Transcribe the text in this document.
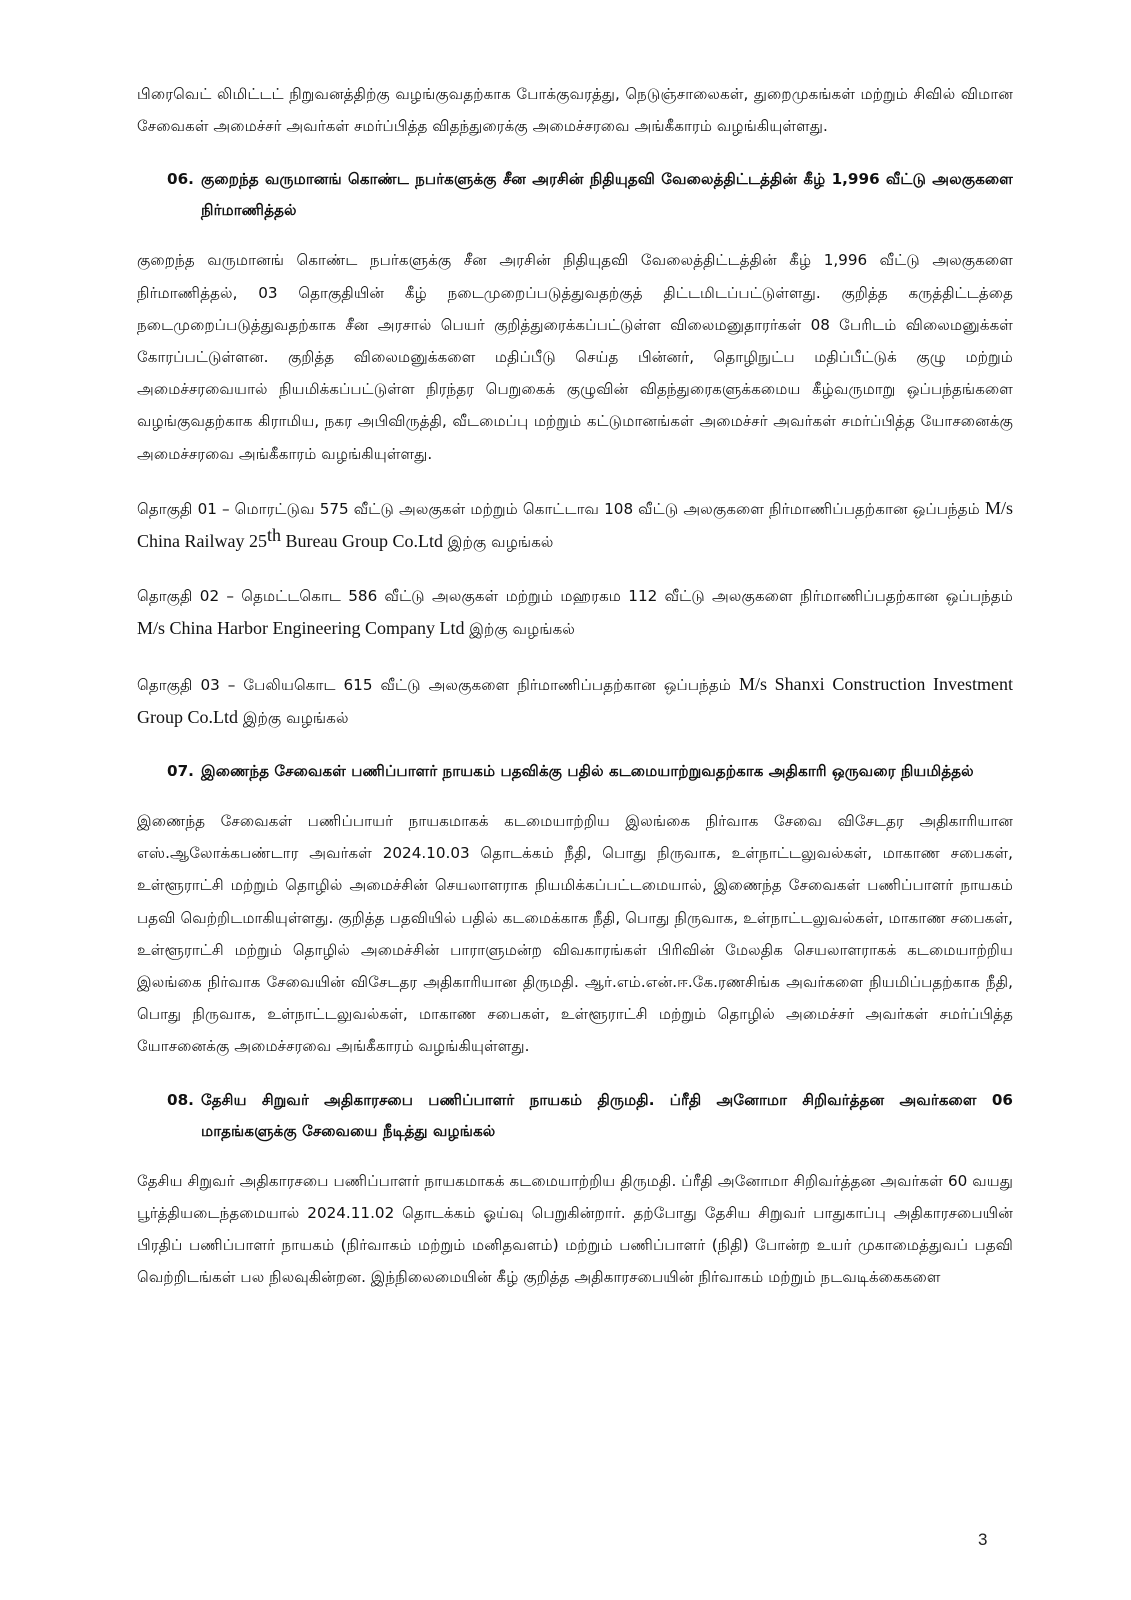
பிரைவெட் லிமிட்டட் நிறுவனத்திற்கு வழங்குவதற்காக போக்குவரத்து, நெடுஞ்சாலைகள், துறைமுகங்கள் மற்றும் சிவில் விமான சேவைகள் அமைச்சர் அவர்கள் சமர்ப்பித்த விதந்துரைக்கு அமைச்சரவை அங்கீகாரம் வழங்கியுள்ளது.

06. குறைந்த வருமானங் கொண்ட நபர்களுக்கு சீன அரசின் நிதியுதவி வேலைத்திட்டத்தின் கீழ் 1,996 வீட்டு அலகுகளை நிர்மாணித்தல்

குறைந்த வருமானங் கொண்ட நபர்களுக்கு சீன அரசின் நிதியுதவி வேலைத்திட்டத்தின் கீழ் 1,996 வீட்டு அலகுகளை நிர்மாணித்தல், 03 தொகுதியின் கீழ் நடைமுறைப்படுத்துவதற்குத் திட்டமிடப்பட்டுள்ளது. குறித்த கருத்திட்டத்தை நடைமுறைப்படுத்துவதற்காக சீன அரசால் பெயர் குறித்துரைக்கப்பட்டுள்ள விலைமனுதாரர்கள் 08 பேரிடம் விலைமனுக்கள் கோரப்பட்டுள்ளன. குறித்த விலைமனுக்களை மதிப்பீடு செய்த பின்னர், தொழிநுட்ப மதிப்பீட்டுக் குழு மற்றும் அமைச்சரவையால் நியமிக்கப்பட்டுள்ள நிரந்தர பெறுகைக் குழுவின் விதந்துரைகளுக்கமைய கீழ்வருமாறு ஒப்பந்தங்களை வழங்குவதற்காக கிராமிய, நகர அபிவிருத்தி, வீடமைப்பு மற்றும் கட்டுமானங்கள் அமைச்சர் அவர்கள் சமர்ப்பித்த யோசனைக்கு அமைச்சரவை அங்கீகாரம் வழங்கியுள்ளது.

தொகுதி 01 – மொரட்டுவ 575 வீட்டு அலகுகள் மற்றும் கொட்டாவ 108 வீட்டு அலகுகளை நிர்மாணிப்பதற்கான ஒப்பந்தம் M/s China Railway 25th Bureau Group Co.Ltd இற்கு வழங்கல்

தொகுதி 02 – தெமட்டகொட 586 வீட்டு அலகுகள் மற்றும் மஹரகம 112 வீட்டு அலகுகளை நிர்மாணிப்பதற்கான ஒப்பந்தம் M/s China Harbor Engineering Company Ltd இற்கு வழங்கல்

தொகுதி 03 – பேலியகொட 615 வீட்டு அலகுகளை நிர்மாணிப்பதற்கான ஒப்பந்தம் M/s Shanxi Construction Investment Group Co.Ltd இற்கு வழங்கல்

07. இணைந்த சேவைகள் பணிப்பாளர் நாயகம் பதவிக்கு பதில் கடமையாற்றுவதற்காக அதிகாரி ஒருவரை நியமித்தல்

இணைந்த சேவைகள் பணிப்பாயர் நாயகமாகக் கடமையாற்றிய இலங்கை நிர்வாக சேவை விசேடதர அதிகாரியான எஸ்.ஆலோக்கபண்டார அவர்கள் 2024.10.03 தொடக்கம் நீதி, பொது நிருவாக, உள்நாட்டலுவல்கள், மாகாண சபைகள், உள்ளூராட்சி மற்றும் தொழில் அமைச்சின் செயலாளராக நியமிக்கப்பட்டமையால், இணைந்த சேவைகள் பணிப்பாளர் நாயகம் பதவி வெற்றிடமாகியுள்ளது. குறித்த பதவியில் பதில் கடமைக்காக நீதி, பொது நிருவாக, உள்நாட்டலுவல்கள், மாகாண சபைகள், உள்ளூராட்சி மற்றும் தொழில் அமைச்சின் பாராளுமன்ற விவகாரங்கள் பிரிவின் மேலதிக செயலாளராகக் கடமையாற்றிய இலங்கை நிர்வாக சேவையின் விசேடதர அதிகாரியான திருமதி. ஆர்.எம்.என்.ஈ.கே.ரணசிங்க அவர்களை நியமிப்பதற்காக நீதி, பொது நிருவாக, உள்நாட்டலுவல்கள், மாகாண சபைகள், உள்ளூராட்சி மற்றும் தொழில் அமைச்சர் அவர்கள் சமர்ப்பித்த யோசனைக்கு அமைச்சரவை அங்கீகாரம் வழங்கியுள்ளது.

08. தேசிய சிறுவர் அதிகாரசபை பணிப்பாளர் நாயகம் திருமதி. ப்ரீதி அனோமா சிறிவர்த்தன அவர்களை 06 மாதங்களுக்கு சேவையை நீடித்து வழங்கல்

தேசிய சிறுவர் அதிகாரசபை பணிப்பாளர் நாயகமாகக் கடமையாற்றிய திருமதி. ப்ரீதி அனோமா சிறிவர்த்தன அவர்கள் 60 வயது பூர்த்தியடைந்தமையால் 2024.11.02 தொடக்கம் ஓய்வு பெறுகின்றார். தற்போது தேசிய சிறுவர் பாதுகாப்பு அதிகாரசபையின் பிரதிப் பணிப்பாளர் நாயகம் (நிர்வாகம் மற்றும் மனிதவளம்) மற்றும் பணிப்பாளர் (நிதி) போன்ற உயர் முகாமைத்துவப் பதவி வெற்றிடங்கள் பல நிலவுகின்றன. இந்நிலைமையின் கீழ் குறித்த அதிகாரசபையின் நிர்வாகம் மற்றும் நடவடிக்கைகளை

3
